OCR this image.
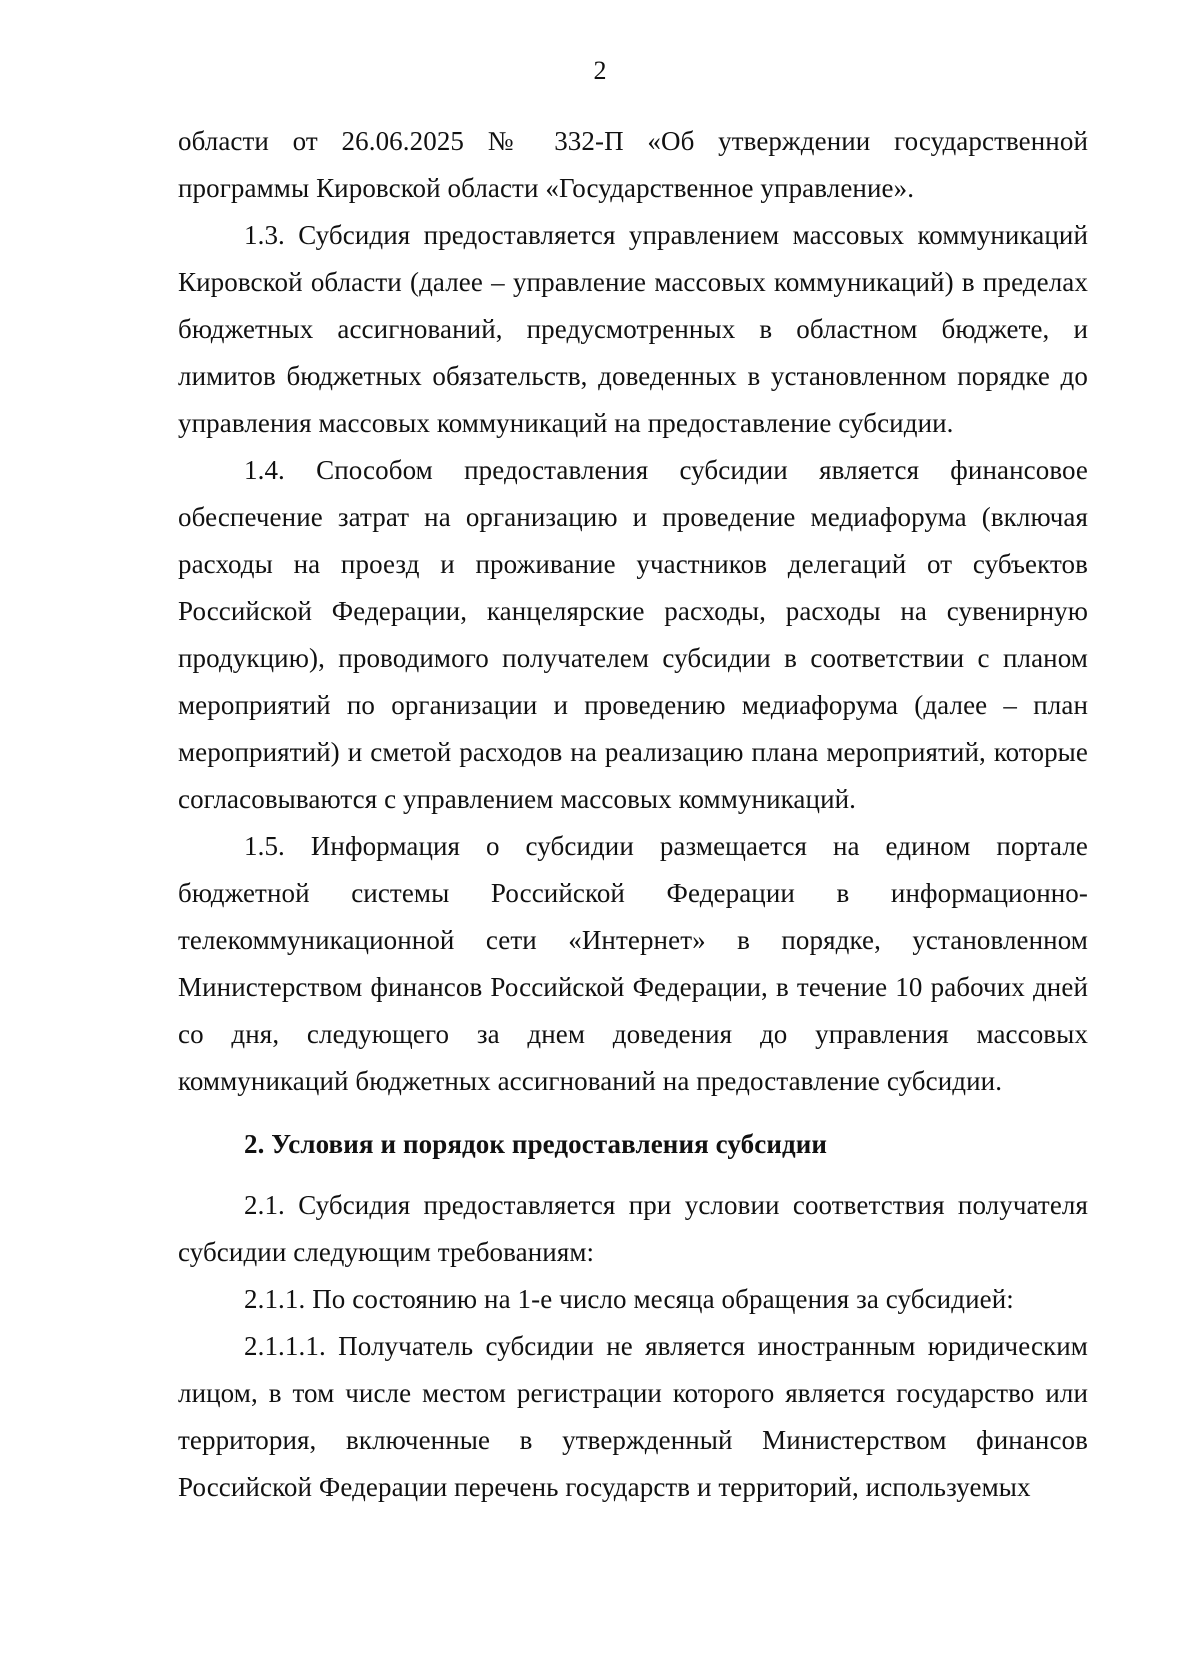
2

области от 26.06.2025 № 332-П «Об утверждении государственной программы Кировской области «Государственное управление».

1.3. Субсидия предоставляется управлением массовых коммуникаций Кировской области (далее – управление массовых коммуникаций) в пределах бюджетных ассигнований, предусмотренных в областном бюджете, и лимитов бюджетных обязательств, доведенных в установленном порядке до управления массовых коммуникаций на предоставление субсидии.

1.4. Способом предоставления субсидии является финансовое обеспечение затрат на организацию и проведение медиафорума (включая расходы на проезд и проживание участников делегаций от субъектов Российской Федерации, канцелярские расходы, расходы на сувенирную продукцию), проводимого получателем субсидии в соответствии с планом мероприятий по организации и проведению медиафорума (далее – план мероприятий) и сметой расходов на реализацию плана мероприятий, которые согласовываются с управлением массовых коммуникаций.

1.5. Информация о субсидии размещается на едином портале бюджетной системы Российской Федерации в информационно-телекоммуникационной сети «Интернет» в порядке, установленном Министерством финансов Российской Федерации, в течение 10 рабочих дней со дня, следующего за днем доведения до управления массовых коммуникаций бюджетных ассигнований на предоставление субсидии.

2. Условия и порядок предоставления субсидии

2.1. Субсидия предоставляется при условии соответствия получателя субсидии следующим требованиям:

2.1.1. По состоянию на 1-е число месяца обращения за субсидией:

2.1.1.1. Получатель субсидии не является иностранным юридическим лицом, в том числе местом регистрации которого является государство или территория, включенные в утвержденный Министерством финансов Российской Федерации перечень государств и территорий, используемых
